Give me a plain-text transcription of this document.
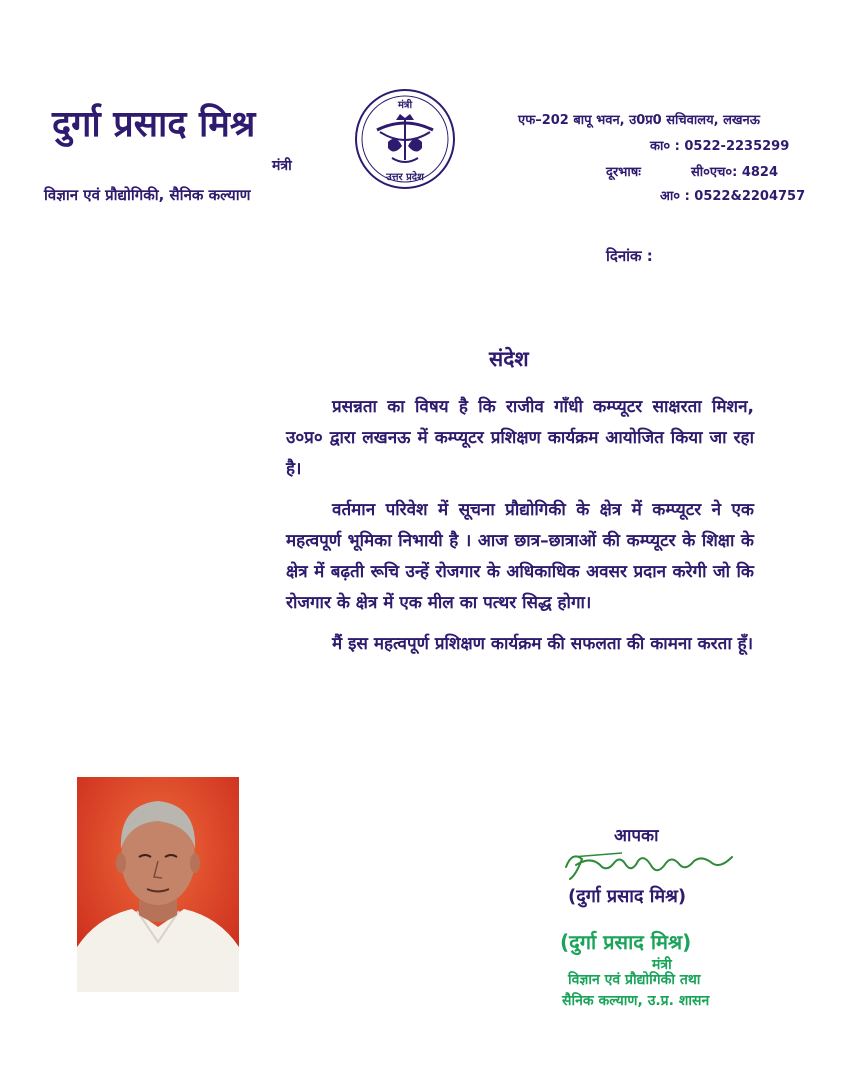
दुर्गा प्रसाद मिश्र
मंत्री
विज्ञान एवं प्रौद्योगिकी, सैनिक कल्याण
मंत्री
उत्तर प्रदेश
एफ–202 बापू भवन, उ0प्र0 सचिवालय, लखनऊ
का० : 0522-2235299
दूरभाषः	सी०एच०: 4824
आ० : 0522&2204757
दिनांक :
संदेश

प्रसन्नता का विषय है कि राजीव गाँधी कम्प्यूटर साक्षरता मिशन, उ०प्र० द्वारा लखनऊ में कम्प्यूटर प्रशिक्षण कार्यक्रम आयोजित किया जा रहा है।

वर्तमान परिवेश में सूचना प्रौद्योगिकी के क्षेत्र में कम्प्यूटर ने एक महत्वपूर्ण भूमिका निभायी है । आज छात्र–छात्राओं की कम्प्यूटर के शिक्षा के क्षेत्र में बढ़ती रूचि उन्हें रोजगार के अधिकाधिक अवसर प्रदान करेगी जो कि रोजगार के क्षेत्र में एक मील का पत्थर सिद्ध होगा।

मैं इस महत्वपूर्ण प्रशिक्षण कार्यक्रम की सफलता की कामना करता हूँ।

आपका
(दुर्गा प्रसाद मिश्र)
(दुर्गा प्रसाद मिश्र)
मंत्री
विज्ञान एवं प्रौद्योगिकी तथा
सैनिक कल्याण, उ.प्र. शासन
